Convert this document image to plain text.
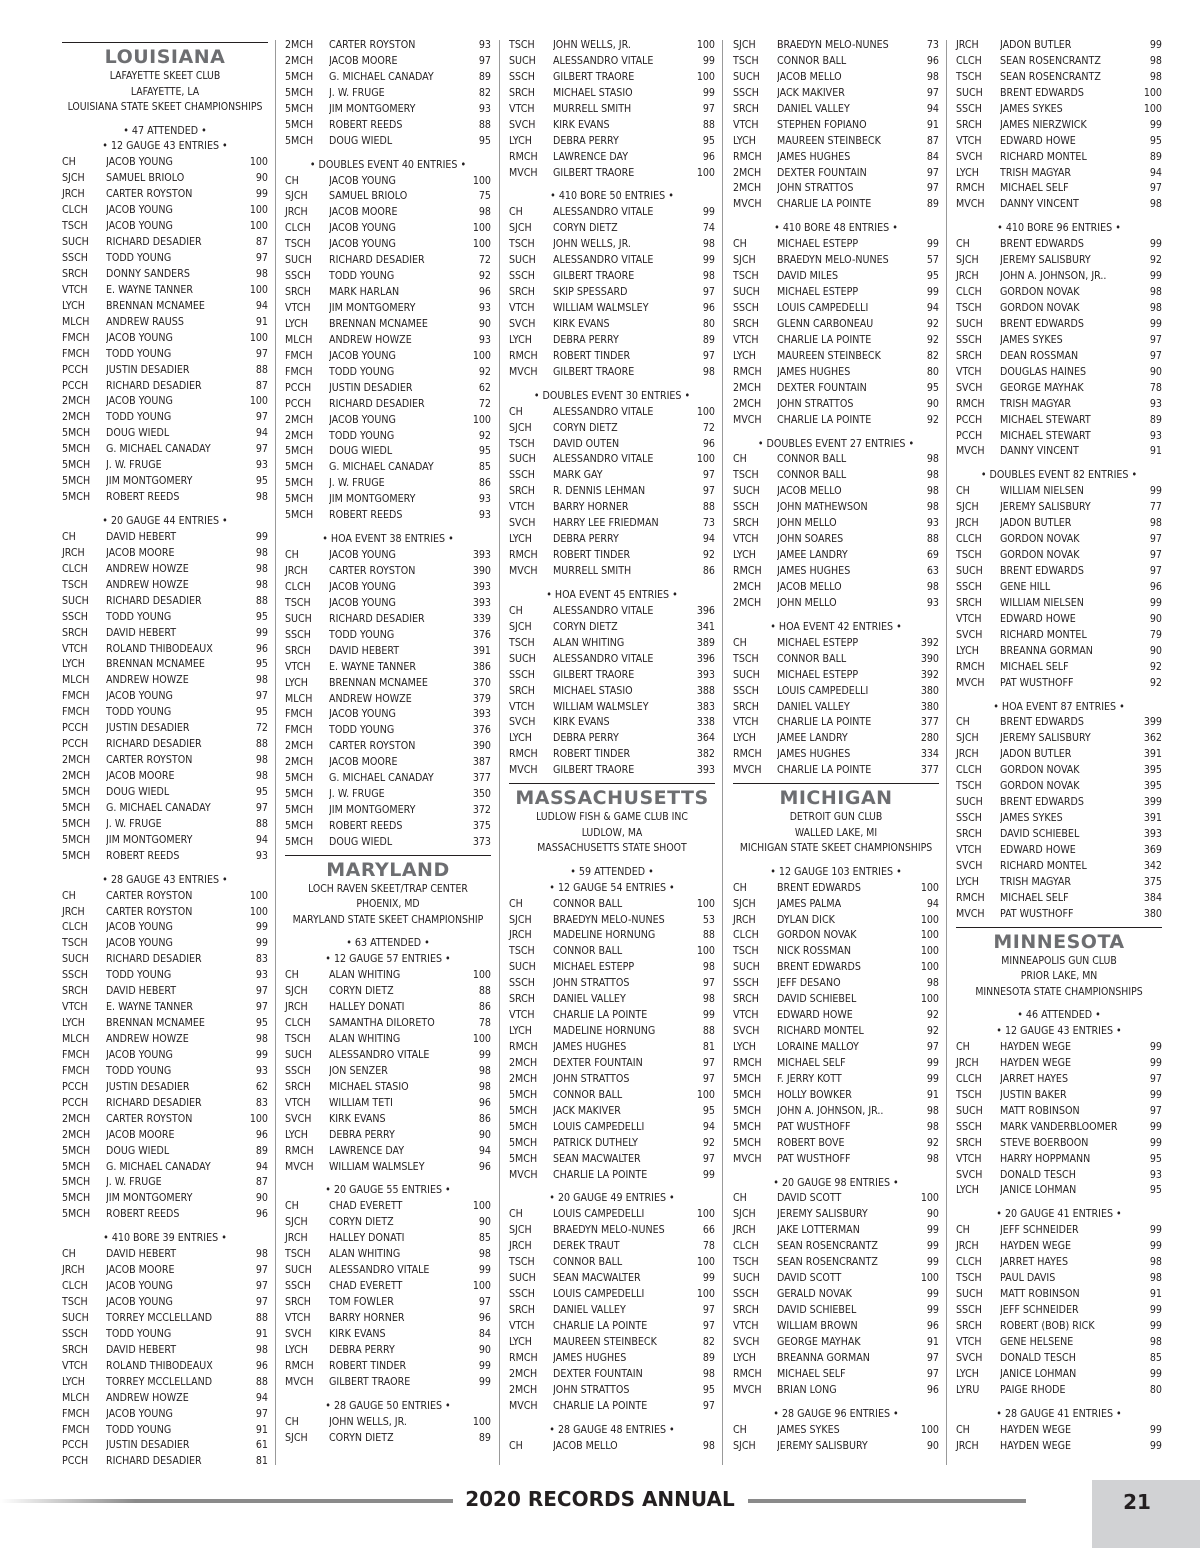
LOUISIANA
LAFAYETTE SKEET CLUB
LAFAYETTE, LA
LOUISIANA STATE SKEET CHAMPIONSHIPS
• 47 ATTENDED •
• 12 GAUGE 43 ENTRIES •
CH	JACOB YOUNG	100
SJCH	SAMUEL BRIOLO	90
JRCH	CARTER ROYSTON	99
CLCH	JACOB YOUNG	100
TSCH	JACOB YOUNG	100
SUCH	RICHARD DESADIER	87
SSCH	TODD YOUNG	97
SRCH	DONNY SANDERS	98
VTCH	E. WAYNE TANNER	100
LYCH	BRENNAN MCNAMEE	94
MLCH	ANDREW RAUSS	91
FMCH	JACOB YOUNG	100
FMCH	TODD YOUNG	97
PCCH	JUSTIN DESADIER	88
PCCH	RICHARD DESADIER	87
2MCH	JACOB YOUNG	100
2MCH	TODD YOUNG	97
5MCH	DOUG WIEDL	94
5MCH	G. MICHAEL CANADAY	97
5MCH	J. W. FRUGE	93
5MCH	JIM MONTGOMERY	95
5MCH	ROBERT REEDS	98
• 20 GAUGE 44 ENTRIES •
CH	DAVID HEBERT	99
JRCH	JACOB MOORE	98
CLCH	ANDREW HOWZE	98
TSCH	ANDREW HOWZE	98
SUCH	RICHARD DESADIER	88
SSCH	TODD YOUNG	95
SRCH	DAVID HEBERT	99
VTCH	ROLAND THIBODEAUX	96
LYCH	BRENNAN MCNAMEE	95
MLCH	ANDREW HOWZE	98
FMCH	JACOB YOUNG	97
FMCH	TODD YOUNG	95
PCCH	JUSTIN DESADIER	72
PCCH	RICHARD DESADIER	88
2MCH	CARTER ROYSTON	98
2MCH	JACOB MOORE	98
5MCH	DOUG WIEDL	95
5MCH	G. MICHAEL CANADAY	97
5MCH	J. W. FRUGE	88
5MCH	JIM MONTGOMERY	94
5MCH	ROBERT REEDS	93
• 28 GAUGE 43 ENTRIES •
CH	CARTER ROYSTON	100
JRCH	CARTER ROYSTON	100
CLCH	JACOB YOUNG	99
TSCH	JACOB YOUNG	99
SUCH	RICHARD DESADIER	83
SSCH	TODD YOUNG	93
SRCH	DAVID HEBERT	97
VTCH	E. WAYNE TANNER	97
LYCH	BRENNAN MCNAMEE	95
MLCH	ANDREW HOWZE	98
FMCH	JACOB YOUNG	99
FMCH	TODD YOUNG	93
PCCH	JUSTIN DESADIER	62
PCCH	RICHARD DESADIER	83
2MCH	CARTER ROYSTON	100
2MCH	JACOB MOORE	96
5MCH	DOUG WIEDL	89
5MCH	G. MICHAEL CANADAY	94
5MCH	J. W. FRUGE	87
5MCH	JIM MONTGOMERY	90
5MCH	ROBERT REEDS	96
• 410 BORE 39 ENTRIES •
CH	DAVID HEBERT	98
JRCH	JACOB MOORE	97
CLCH	JACOB YOUNG	97
TSCH	JACOB YOUNG	97
SUCH	TORREY MCCLELLAND	88
SSCH	TODD YOUNG	91
SRCH	DAVID HEBERT	98
VTCH	ROLAND THIBODEAUX	96
LYCH	TORREY MCCLELLAND	88
MLCH	ANDREW HOWZE	94
FMCH	JACOB YOUNG	97
FMCH	TODD YOUNG	91
PCCH	JUSTIN DESADIER	61
PCCH	RICHARD DESADIER	81
2MCH	CARTER ROYSTON	93
2MCH	JACOB MOORE	97
5MCH	G. MICHAEL CANADAY	89
5MCH	J. W. FRUGE	82
5MCH	JIM MONTGOMERY	93
5MCH	ROBERT REEDS	88
5MCH	DOUG WIEDL	95
• DOUBLES EVENT 40 ENTRIES •
CH	JACOB YOUNG	100
SJCH	SAMUEL BRIOLO	75
JRCH	JACOB MOORE	98
CLCH	JACOB YOUNG	100
TSCH	JACOB YOUNG	100
SUCH	RICHARD DESADIER	72
SSCH	TODD YOUNG	92
SRCH	MARK HARLAN	96
VTCH	JIM MONTGOMERY	93
LYCH	BRENNAN MCNAMEE	90
MLCH	ANDREW HOWZE	93
FMCH	JACOB YOUNG	100
FMCH	TODD YOUNG	92
PCCH	JUSTIN DESADIER	62
PCCH	RICHARD DESADIER	72
2MCH	JACOB YOUNG	100
2MCH	TODD YOUNG	92
5MCH	DOUG WIEDL	95
5MCH	G. MICHAEL CANADAY	85
5MCH	J. W. FRUGE	86
5MCH	JIM MONTGOMERY	93
5MCH	ROBERT REEDS	93
• HOA EVENT 38 ENTRIES •
CH	JACOB YOUNG	393
JRCH	CARTER ROYSTON	390
CLCH	JACOB YOUNG	393
TSCH	JACOB YOUNG	393
SUCH	RICHARD DESADIER	339
SSCH	TODD YOUNG	376
SRCH	DAVID HEBERT	391
VTCH	E. WAYNE TANNER	386
LYCH	BRENNAN MCNAMEE	370
MLCH	ANDREW HOWZE	379
FMCH	JACOB YOUNG	393
FMCH	TODD YOUNG	376
2MCH	CARTER ROYSTON	390
2MCH	JACOB MOORE	387
5MCH	G. MICHAEL CANADAY	377
5MCH	J. W. FRUGE	350
5MCH	JIM MONTGOMERY	372
5MCH	ROBERT REEDS	375
5MCH	DOUG WIEDL	373
MARYLAND
LOCH RAVEN SKEET/TRAP CENTER
PHOENIX, MD
MARYLAND STATE SKEET CHAMPIONSHIP
• 63 ATTENDED •
• 12 GAUGE 57 ENTRIES •
CH	ALAN WHITING	100
SJCH	CORYN DIETZ	88
JRCH	HALLEY DONATI	86
CLCH	SAMANTHA DILORETO	78
TSCH	ALAN WHITING	100
SUCH	ALESSANDRO VITALE	99
SSCH	JON SENZER	98
SRCH	MICHAEL STASIO	98
VTCH	WILLIAM TETI	96
SVCH	KIRK EVANS	86
LYCH	DEBRA PERRY	90
RMCH	LAWRENCE DAY	94
MVCH	WILLIAM WALMSLEY	96
• 20 GAUGE 55 ENTRIES •
CH	CHAD EVERETT	100
SJCH	CORYN DIETZ	90
JRCH	HALLEY DONATI	85
TSCH	ALAN WHITING	98
SUCH	ALESSANDRO VITALE	99
SSCH	CHAD EVERETT	100
SRCH	TOM FOWLER	97
VTCH	BARRY HORNER	96
SVCH	KIRK EVANS	84
LYCH	DEBRA PERRY	90
RMCH	ROBERT TINDER	99
MVCH	GILBERT TRAORE	99
• 28 GAUGE 50 ENTRIES •
CH	JOHN WELLS, JR.	100
SJCH	CORYN DIETZ	89
TSCH	JOHN WELLS, JR.	100
SUCH	ALESSANDRO VITALE	99
SSCH	GILBERT TRAORE	100
SRCH	MICHAEL STASIO	99
VTCH	MURRELL SMITH	97
SVCH	KIRK EVANS	88
LYCH	DEBRA PERRY	95
RMCH	LAWRENCE DAY	96
MVCH	GILBERT TRAORE	100
• 410 BORE 50 ENTRIES •
CH	ALESSANDRO VITALE	99
SJCH	CORYN DIETZ	74
TSCH	JOHN WELLS, JR.	98
SUCH	ALESSANDRO VITALE	99
SSCH	GILBERT TRAORE	98
SRCH	SKIP SPESSARD	97
VTCH	WILLIAM WALMSLEY	96
SVCH	KIRK EVANS	80
LYCH	DEBRA PERRY	89
RMCH	ROBERT TINDER	97
MVCH	GILBERT TRAORE	98
• DOUBLES EVENT 30 ENTRIES •
CH	ALESSANDRO VITALE	100
SJCH	CORYN DIETZ	72
TSCH	DAVID OUTEN	96
SUCH	ALESSANDRO VITALE	100
SSCH	MARK GAY	97
SRCH	R. DENNIS LEHMAN	97
VTCH	BARRY HORNER	88
SVCH	HARRY LEE FRIEDMAN	73
LYCH	DEBRA PERRY	94
RMCH	ROBERT TINDER	92
MVCH	MURRELL SMITH	86
• HOA EVENT 45 ENTRIES •
CH	ALESSANDRO VITALE	396
SJCH	CORYN DIETZ	341
TSCH	ALAN WHITING	389
SUCH	ALESSANDRO VITALE	396
SSCH	GILBERT TRAORE	393
SRCH	MICHAEL STASIO	388
VTCH	WILLIAM WALMSLEY	383
SVCH	KIRK EVANS	338
LYCH	DEBRA PERRY	364
RMCH	ROBERT TINDER	382
MVCH	GILBERT TRAORE	393
MASSACHUSETTS
LUDLOW FISH & GAME CLUB INC
LUDLOW, MA
MASSACHUSETTS STATE SHOOT
• 59 ATTENDED •
• 12 GAUGE 54 ENTRIES •
CH	CONNOR BALL	100
SJCH	BRAEDYN MELO-NUNES	53
JRCH	MADELINE HORNUNG	88
TSCH	CONNOR BALL	100
SUCH	MICHAEL ESTEPP	98
SSCH	JOHN STRATTOS	97
SRCH	DANIEL VALLEY	98
VTCH	CHARLIE LA POINTE	99
LYCH	MADELINE HORNUNG	88
RMCH	JAMES HUGHES	81
2MCH	DEXTER FOUNTAIN	97
2MCH	JOHN STRATTOS	97
5MCH	CONNOR BALL	100
5MCH	JACK MAKIVER	95
5MCH	LOUIS CAMPEDELLI	94
5MCH	PATRICK DUTHELY	92
5MCH	SEAN MACWALTER	97
MVCH	CHARLIE LA POINTE	99
• 20 GAUGE 49 ENTRIES •
CH	LOUIS CAMPEDELLI	100
SJCH	BRAEDYN MELO-NUNES	66
JRCH	DEREK TRAUT	78
TSCH	CONNOR BALL	100
SUCH	SEAN MACWALTER	99
SSCH	LOUIS CAMPEDELLI	100
SRCH	DANIEL VALLEY	97
VTCH	CHARLIE LA POINTE	97
LYCH	MAUREEN STEINBECK	82
RMCH	JAMES HUGHES	89
2MCH	DEXTER FOUNTAIN	98
2MCH	JOHN STRATTOS	95
MVCH	CHARLIE LA POINTE	97
• 28 GAUGE 48 ENTRIES •
CH	JACOB MELLO	98
SJCH	BRAEDYN MELO-NUNES	73
TSCH	CONNOR BALL	96
SUCH	JACOB MELLO	98
SSCH	JACK MAKIVER	97
SRCH	DANIEL VALLEY	94
VTCH	STEPHEN FOPIANO	91
LYCH	MAUREEN STEINBECK	87
RMCH	JAMES HUGHES	84
2MCH	DEXTER FOUNTAIN	97
2MCH	JOHN STRATTOS	97
MVCH	CHARLIE LA POINTE	89
• 410 BORE 48 ENTRIES •
CH	MICHAEL ESTEPP	99
SJCH	BRAEDYN MELO-NUNES	57
TSCH	DAVID MILES	95
SUCH	MICHAEL ESTEPP	99
SSCH	LOUIS CAMPEDELLI	94
SRCH	GLENN CARBONEAU	92
VTCH	CHARLIE LA POINTE	92
LYCH	MAUREEN STEINBECK	82
RMCH	JAMES HUGHES	80
2MCH	DEXTER FOUNTAIN	95
2MCH	JOHN STRATTOS	90
MVCH	CHARLIE LA POINTE	92
• DOUBLES EVENT 27 ENTRIES •
CH	CONNOR BALL	98
TSCH	CONNOR BALL	98
SUCH	JACOB MELLO	98
SSCH	JOHN MATHEWSON	98
SRCH	JOHN MELLO	93
VTCH	JOHN SOARES	88
LYCH	JAMEE LANDRY	69
RMCH	JAMES HUGHES	63
2MCH	JACOB MELLO	98
2MCH	JOHN MELLO	93
• HOA EVENT 42 ENTRIES •
CH	MICHAEL ESTEPP	392
TSCH	CONNOR BALL	390
SUCH	MICHAEL ESTEPP	392
SSCH	LOUIS CAMPEDELLI	380
SRCH	DANIEL VALLEY	380
VTCH	CHARLIE LA POINTE	377
LYCH	JAMEE LANDRY	280
RMCH	JAMES HUGHES	334
MVCH	CHARLIE LA POINTE	377
MICHIGAN
DETROIT GUN CLUB
WALLED LAKE, MI
MICHIGAN STATE SKEET CHAMPIONSHIPS
• 12 GAUGE 103 ENTRIES •
CH	BRENT EDWARDS	100
SJCH	JAMES PALMA	94
JRCH	DYLAN DICK	100
CLCH	GORDON NOVAK	100
TSCH	NICK ROSSMAN	100
SUCH	BRENT EDWARDS	100
SSCH	JEFF DESANO	98
SRCH	DAVID SCHIEBEL	100
VTCH	EDWARD HOWE	92
SVCH	RICHARD MONTEL	92
LYCH	LORAINE MALLOY	97
RMCH	MICHAEL SELF	99
5MCH	F. JERRY KOTT	99
5MCH	HOLLY BOWKER	91
5MCH	JOHN A. JOHNSON, JR..	98
5MCH	PAT WUSTHOFF	98
5MCH	ROBERT BOVE	92
MVCH	PAT WUSTHOFF	98
• 20 GAUGE 98 ENTRIES •
CH	DAVID SCOTT	100
SJCH	JEREMY SALISBURY	90
JRCH	JAKE LOTTERMAN	99
CLCH	SEAN ROSENCRANTZ	99
TSCH	SEAN ROSENCRANTZ	99
SUCH	DAVID SCOTT	100
SSCH	GERALD NOVAK	99
SRCH	DAVID SCHIEBEL	99
VTCH	WILLIAM BROWN	96
SVCH	GEORGE MAYHAK	91
LYCH	BREANNA GORMAN	97
RMCH	MICHAEL SELF	97
MVCH	BRIAN LONG	96
• 28 GAUGE 96 ENTRIES •
CH	JAMES SYKES	100
SJCH	JEREMY SALISBURY	90
JRCH	JADON BUTLER	99
CLCH	SEAN ROSENCRANTZ	98
TSCH	SEAN ROSENCRANTZ	98
SUCH	BRENT EDWARDS	100
SSCH	JAMES SYKES	100
SRCH	JAMES NIERZWICK	99
VTCH	EDWARD HOWE	95
SVCH	RICHARD MONTEL	89
LYCH	TRISH MAGYAR	94
RMCH	MICHAEL SELF	97
MVCH	DANNY VINCENT	98
• 410 BORE 96 ENTRIES •
CH	BRENT EDWARDS	99
SJCH	JEREMY SALISBURY	92
JRCH	JOHN A. JOHNSON, JR..	99
CLCH	GORDON NOVAK	98
TSCH	GORDON NOVAK	98
SUCH	BRENT EDWARDS	99
SSCH	JAMES SYKES	97
SRCH	DEAN ROSSMAN	97
VTCH	DOUGLAS HAINES	90
SVCH	GEORGE MAYHAK	78
RMCH	TRISH MAGYAR	93
PCCH	MICHAEL STEWART	89
PCCH	MICHAEL STEWART	93
MVCH	DANNY VINCENT	91
• DOUBLES EVENT 82 ENTRIES •
CH	WILLIAM NIELSEN	99
SJCH	JEREMY SALISBURY	77
JRCH	JADON BUTLER	98
CLCH	GORDON NOVAK	97
TSCH	GORDON NOVAK	97
SUCH	BRENT EDWARDS	97
SSCH	GENE HILL	96
SRCH	WILLIAM NIELSEN	99
VTCH	EDWARD HOWE	90
SVCH	RICHARD MONTEL	79
LYCH	BREANNA GORMAN	90
RMCH	MICHAEL SELF	92
MVCH	PAT WUSTHOFF	92
• HOA EVENT 87 ENTRIES •
CH	BRENT EDWARDS	399
SJCH	JEREMY SALISBURY	362
JRCH	JADON BUTLER	391
CLCH	GORDON NOVAK	395
TSCH	GORDON NOVAK	395
SUCH	BRENT EDWARDS	399
SSCH	JAMES SYKES	391
SRCH	DAVID SCHIEBEL	393
VTCH	EDWARD HOWE	369
SVCH	RICHARD MONTEL	342
LYCH	TRISH MAGYAR	375
RMCH	MICHAEL SELF	384
MVCH	PAT WUSTHOFF	380
MINNESOTA
MINNEAPOLIS GUN CLUB
PRIOR LAKE, MN
MINNESOTA STATE CHAMPIONSHIPS
• 46 ATTENDED •
• 12 GAUGE 43 ENTRIES •
CH	HAYDEN WEGE	99
JRCH	HAYDEN WEGE	99
CLCH	JARRET HAYES	97
TSCH	JUSTIN BAKER	99
SUCH	MATT ROBINSON	97
SSCH	MARK VANDERBLOOMER	99
SRCH	STEVE BOERBOON	99
VTCH	HARRY HOPPMANN	95
SVCH	DONALD TESCH	93
LYCH	JANICE LOHMAN	95
• 20 GAUGE 41 ENTRIES •
CH	JEFF SCHNEIDER	99
JRCH	HAYDEN WEGE	99
CLCH	JARRET HAYES	98
TSCH	PAUL DAVIS	98
SUCH	MATT ROBINSON	91
SSCH	JEFF SCHNEIDER	99
SRCH	ROBERT (BOB) RICK	99
VTCH	GENE HELSENE	98
SVCH	DONALD TESCH	85
LYCH	JANICE LOHMAN	99
LYRU	PAIGE RHODE	80
• 28 GAUGE 41 ENTRIES •
CH	HAYDEN WEGE	99
JRCH	HAYDEN WEGE	99
2020 RECORDS ANNUAL	21
